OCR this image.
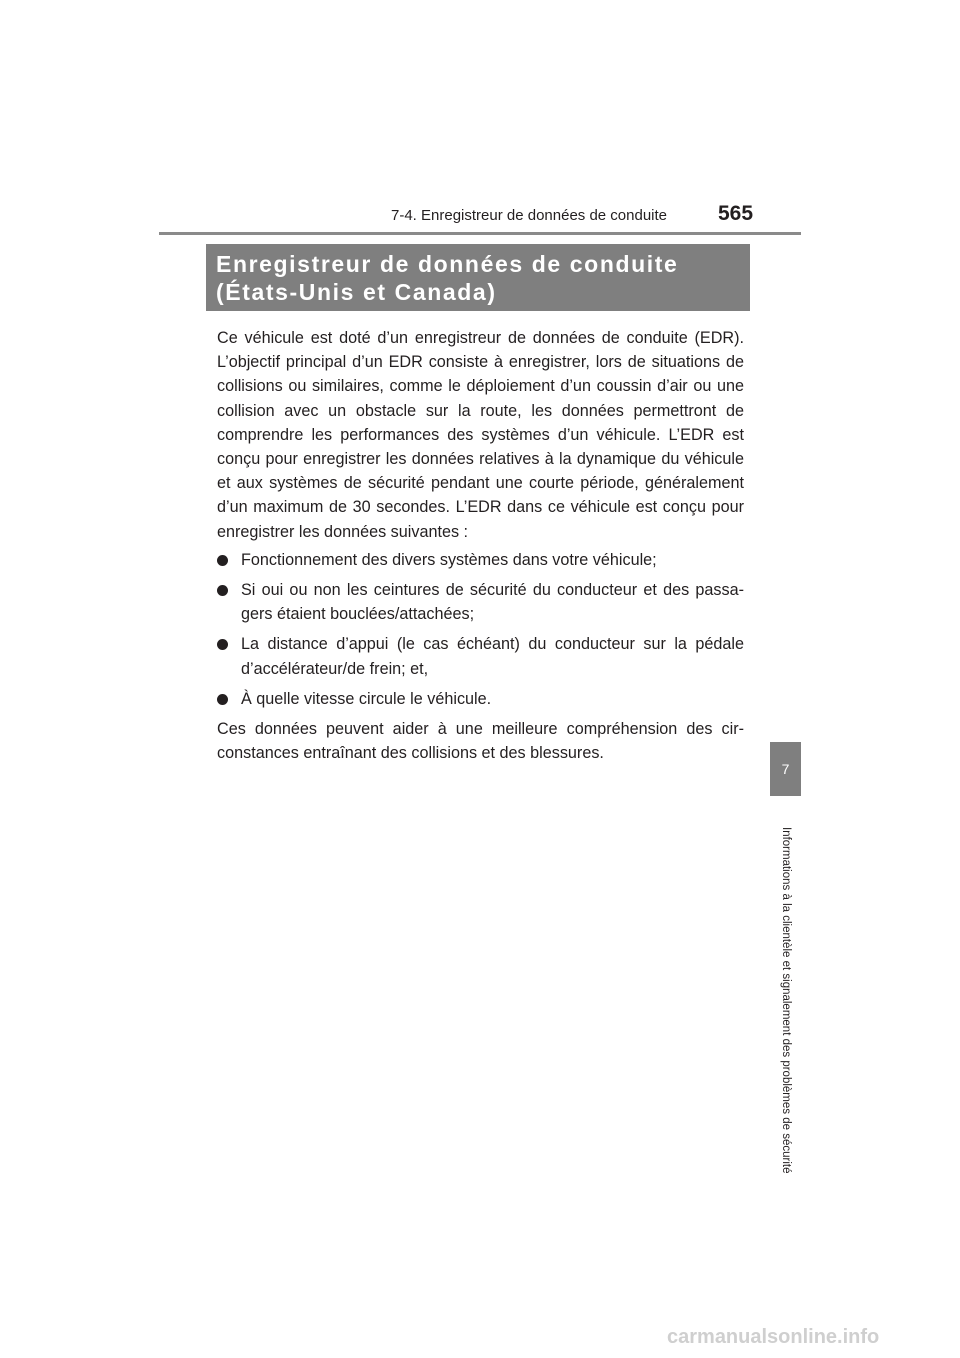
7-4. Enregistreur de données de conduite 565
Enregistreur de données de conduite
(États-Unis et Canada)

Ce véhicule est doté d’un enregistreur de données de conduite (EDR). L’objectif principal d’un EDR consiste à enregistrer, lors de situations de collisions ou similaires, comme le déploiement d’un coussin d’air ou une collision avec un obstacle sur la route, les données permettront de comprendre les performances des systèmes d’un véhicule. L’EDR est conçu pour enregistrer les données relatives à la dynamique du véhicule et aux systèmes de sécurité pendant une courte période, généralement d’un maximum de 30 secondes. L’EDR dans ce véhicule est conçu pour enregistrer les données suivantes :

Fonctionnement des divers systèmes dans votre véhicule;
Si oui ou non les ceintures de sécurité du conducteur et des passagers étaient bouclées/attachées;
La distance d’appui (le cas échéant) du conducteur sur la pédale d’accélérateur/de frein; et,
À quelle vitesse circule le véhicule.

Ces données peuvent aider à une meilleure compréhension des circonstances entraînant des collisions et des blessures.

7
Informations à la clientèle et signalement des problèmes de sécurité
carmanualsonline.info
